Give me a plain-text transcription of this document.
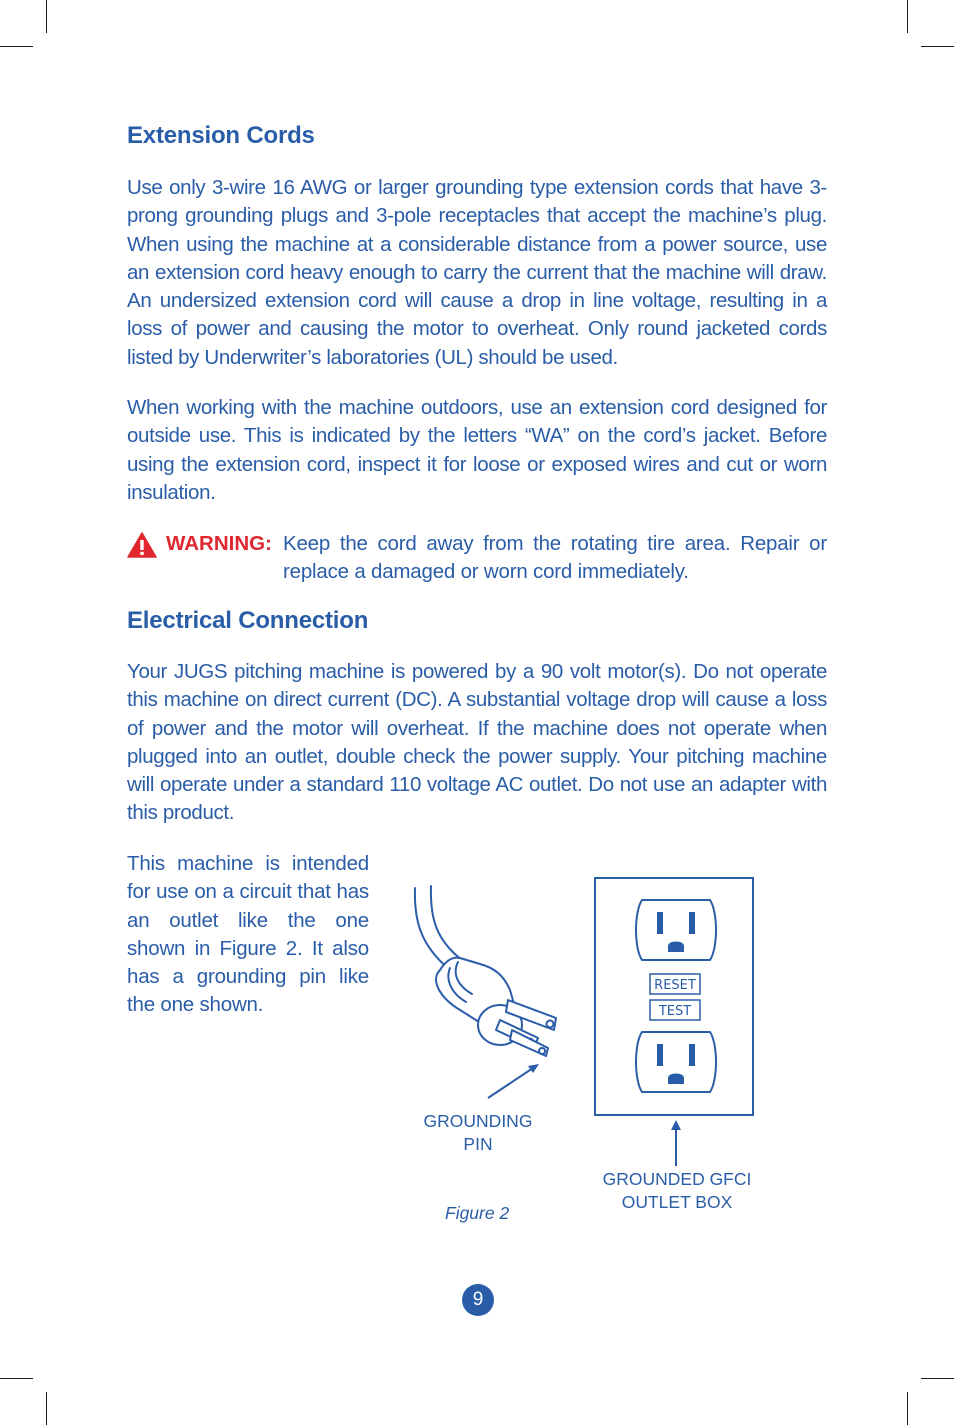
Extension Cords

Use only 3-wire 16 AWG or larger grounding type extension cords that have 3-prong grounding plugs and 3-pole receptacles that accept the machine’s plug. When using the machine at a considerable distance from a power source, use an extension cord heavy enough to carry the current that the machine will draw. An undersized extension cord will cause a drop in line voltage, resulting in a loss of power and causing the motor to overheat. Only round jacketed cords listed by Underwriter’s laboratories (UL) should be used.

When working with the machine outdoors, use an extension cord designed for outside use. This is indicated by the letters “WA” on the cord’s jacket. Before using the extension cord, inspect it for loose or exposed wires and cut or worn insulation.

WARNING: Keep the cord away from the rotating tire area. Repair or replace a damaged or worn cord immediately.
Electrical Connection

Your JUGS pitching machine is powered by a 90 volt motor(s). Do not operate this machine on direct current (DC). A substantial voltage drop will cause a loss of power and the motor will overheat. If the machine does not operate when plugged into an outlet, double check the power supply. Your pitching machine will operate under a standard 110 voltage AC outlet. Do not use an adapter with this product.

This machine is intended for use on a circuit that has an outlet like the one shown in Figure 2. It also has a grounding pin like the one shown.

RESET
TEST
GROUNDING
PIN
GROUNDED GFCI
OUTLET BOX
Figure 2
9
